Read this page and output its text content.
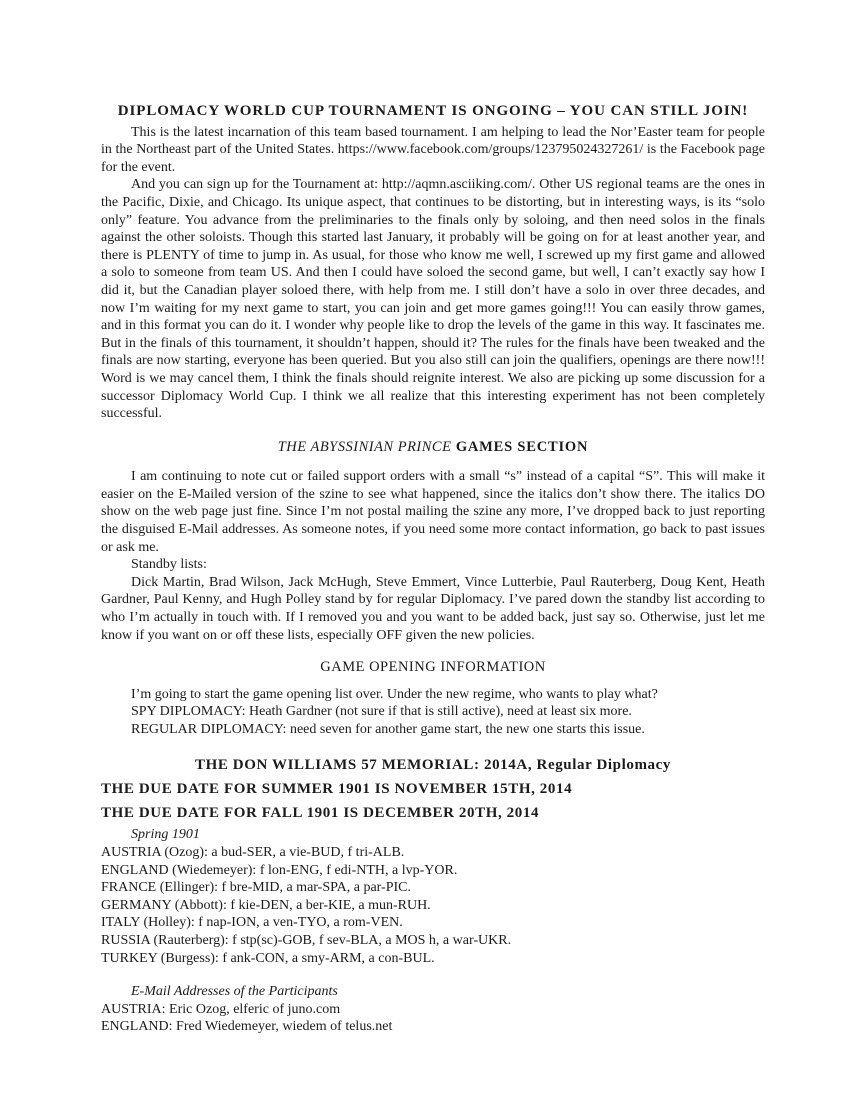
DIPLOMACY WORLD CUP TOURNAMENT IS ONGOING – YOU CAN STILL JOIN!

This is the latest incarnation of this team based tournament. I am helping to lead the Nor’Easter team for people in the Northeast part of the United States. https://www.facebook.com/groups/123795024327261/ is the Facebook page for the event.

And you can sign up for the Tournament at: http://aqmn.asciiking.com/. Other US regional teams are the ones in the Pacific, Dixie, and Chicago. Its unique aspect, that continues to be distorting, but in interesting ways, is its “solo only” feature. You advance from the preliminaries to the finals only by soloing, and then need solos in the finals against the other soloists. Though this started last January, it probably will be going on for at least another year, and there is PLENTY of time to jump in. As usual, for those who know me well, I screwed up my first game and allowed a solo to someone from team US. And then I could have soloed the second game, but well, I can’t exactly say how I did it, but the Canadian player soloed there, with help from me. I still don’t have a solo in over three decades, and now I’m waiting for my next game to start, you can join and get more games going!!! You can easily throw games, and in this format you can do it. I wonder why people like to drop the levels of the game in this way. It fascinates me. But in the finals of this tournament, it shouldn’t happen, should it? The rules for the finals have been tweaked and the finals are now starting, everyone has been queried. But you also still can join the qualifiers, openings are there now!!! Word is we may cancel them, I think the finals should reignite interest. We also are picking up some discussion for a successor Diplomacy World Cup. I think we all realize that this interesting experiment has not been completely successful.

THE ABYSSINIAN PRINCE GAMES SECTION

I am continuing to note cut or failed support orders with a small “s” instead of a capital “S”. This will make it easier on the E-Mailed version of the szine to see what happened, since the italics don’t show there. The italics DO show on the web page just fine. Since I’m not postal mailing the szine any more, I’ve dropped back to just reporting the disguised E-Mail addresses. As someone notes, if you need some more contact information, go back to past issues or ask me.

Standby lists:

Dick Martin, Brad Wilson, Jack McHugh, Steve Emmert, Vince Lutterbie, Paul Rauterberg, Doug Kent, Heath Gardner, Paul Kenny, and Hugh Polley stand by for regular Diplomacy. I’ve pared down the standby list according to who I’m actually in touch with. If I removed you and you want to be added back, just say so. Otherwise, just let me know if you want on or off these lists, especially OFF given the new policies.

GAME OPENING INFORMATION
I’m going to start the game opening list over. Under the new regime, who wants to play what?
SPY DIPLOMACY: Heath Gardner (not sure if that is still active), need at least six more.
REGULAR DIPLOMACY: need seven for another game start, the new one starts this issue.
THE DON WILLIAMS 57 MEMORIAL: 2014A, Regular Diplomacy
THE DUE DATE FOR SUMMER 1901 IS NOVEMBER 15TH, 2014
THE DUE DATE FOR FALL 1901 IS DECEMBER 20TH, 2014
Spring 1901
AUSTRIA (Ozog): a bud-SER, a vie-BUD, f tri-ALB.
ENGLAND (Wiedemeyer): f lon-ENG, f edi-NTH, a lvp-YOR.
FRANCE (Ellinger): f bre-MID, a mar-SPA, a par-PIC.
GERMANY (Abbott): f kie-DEN, a ber-KIE, a mun-RUH.
ITALY (Holley): f nap-ION, a ven-TYO, a rom-VEN.
RUSSIA (Rauterberg): f stp(sc)-GOB, f sev-BLA, a MOS h, a war-UKR.
TURKEY (Burgess): f ank-CON, a smy-ARM, a con-BUL.
E-Mail Addresses of the Participants
AUSTRIA: Eric Ozog, elferic of juno.com
ENGLAND: Fred Wiedemeyer, wiedem of telus.net
